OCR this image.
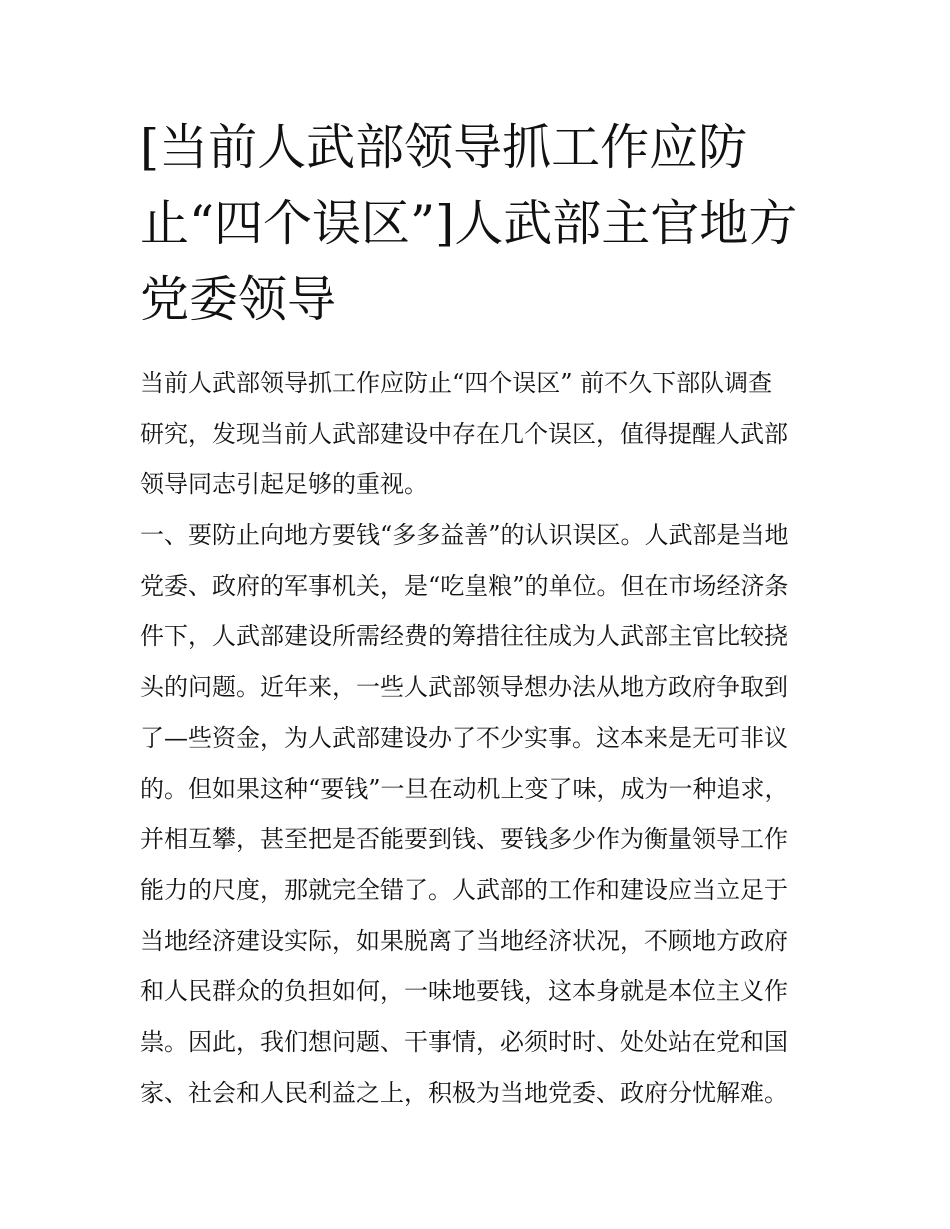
[当前人武部领导抓工作应防
止“四个误区”]人武部主官地方
党委领导
当前人武部领导抓工作应防止“四个误区” 前不久下部队调查
研究，发现当前人武部建设中存在几个误区，值得提醒人武部
领导同志引起足够的重视。
一、要防止向地方要钱“多多益善”的认识误区。人武部是当地
党委、政府的军事机关，是“吃皇粮”的单位。但在市场经济条
件下，人武部建设所需经费的筹措往往成为人武部主官比较挠
头的问题。近年来，一些人武部领导想办法从地方政府争取到
了—些资金，为人武部建设办了不少实事。这本来是无可非议
的。但如果这种“要钱”一旦在动机上变了味，成为一种追求，
并相互攀，甚至把是否能要到钱、要钱多少作为衡量领导工作
能力的尺度，那就完全错了。人武部的工作和建设应当立足于
当地经济建设实际，如果脱离了当地经济状况，不顾地方政府
和人民群众的负担如何，一味地要钱，这本身就是本位主义作
祟。因此，我们想问题、干事情，必须时时、处处站在党和国
家、社会和人民利益之上，积极为当地党委、政府分忧解难。
